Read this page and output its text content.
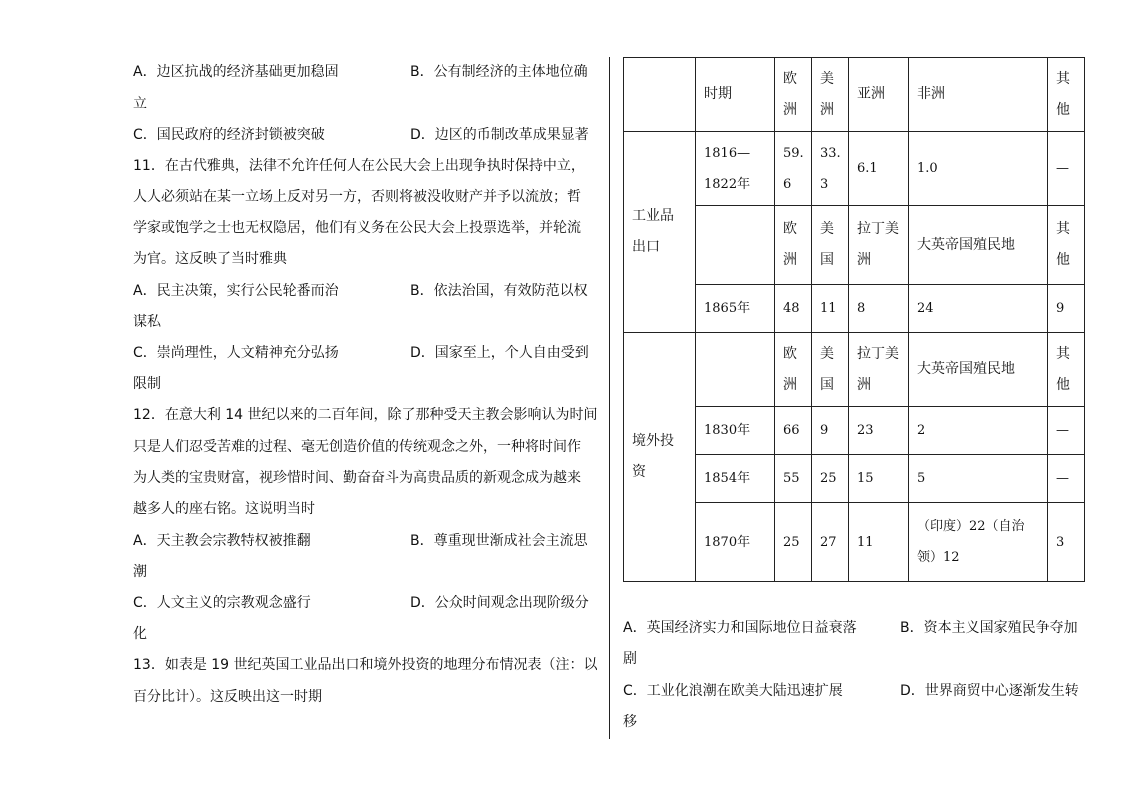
A．边区抗战的经济基础更加稳固	B．公有制经济的主体地位确
立
C．国民政府的经济封锁被突破	D．边区的币制改革成果显著
11．在古代雅典，法律不允许任何人在公民大会上出现争执时保持中立，
人人必须站在某一立场上反对另一方，否则将被没收财产并予以流放；哲
学家或饱学之士也无权隐居，他们有义务在公民大会上投票选举，并轮流
为官。这反映了当时雅典
A．民主决策，实行公民轮番而治	B．依法治国，有效防范以权
谋私
C．崇尚理性，人文精神充分弘扬	D．国家至上，个人自由受到
限制
12．在意大利 14 世纪以来的二百年间，除了那种受天主教会影响认为时间
只是人们忍受苦难的过程、毫无创造价值的传统观念之外，一种将时间作
为人类的宝贵财富，视珍惜时间、勤奋奋斗为高贵品质的新观念成为越来
越多人的座右铭。这说明当时
A．天主教会宗教特权被推翻	B．尊重现世渐成社会主流思
潮
C．人文主义的宗教观念盛行	D．公众时间观念出现阶级分
化
13．如表是 19 世纪英国工业品出口和境外投资的地理分布情况表（注：以
百分比计）。这反映出这一时期
	时期	欧
洲	美
洲	亚洲	非洲	其
他
工业品
出口	1816—
1822年	59.
6	33.
3	6.1	1.0	—
		欧
洲	美
国	拉丁美
洲	大英帝国殖民地	其
他
	1865年	48	11	8	24	9
境外投
资		欧
洲	美
国	拉丁美
洲	大英帝国殖民地	其
他
	1830年	66	9	23	2	—
	1854年	55	25	15	5	—
	1870年	25	27	11	（印度）22（自治
领）12	3
A．英国经济实力和国际地位日益衰落	B．资本主义国家殖民争夺加
剧
C．工业化浪潮在欧美大陆迅速扩展	D．世界商贸中心逐渐发生转
移
